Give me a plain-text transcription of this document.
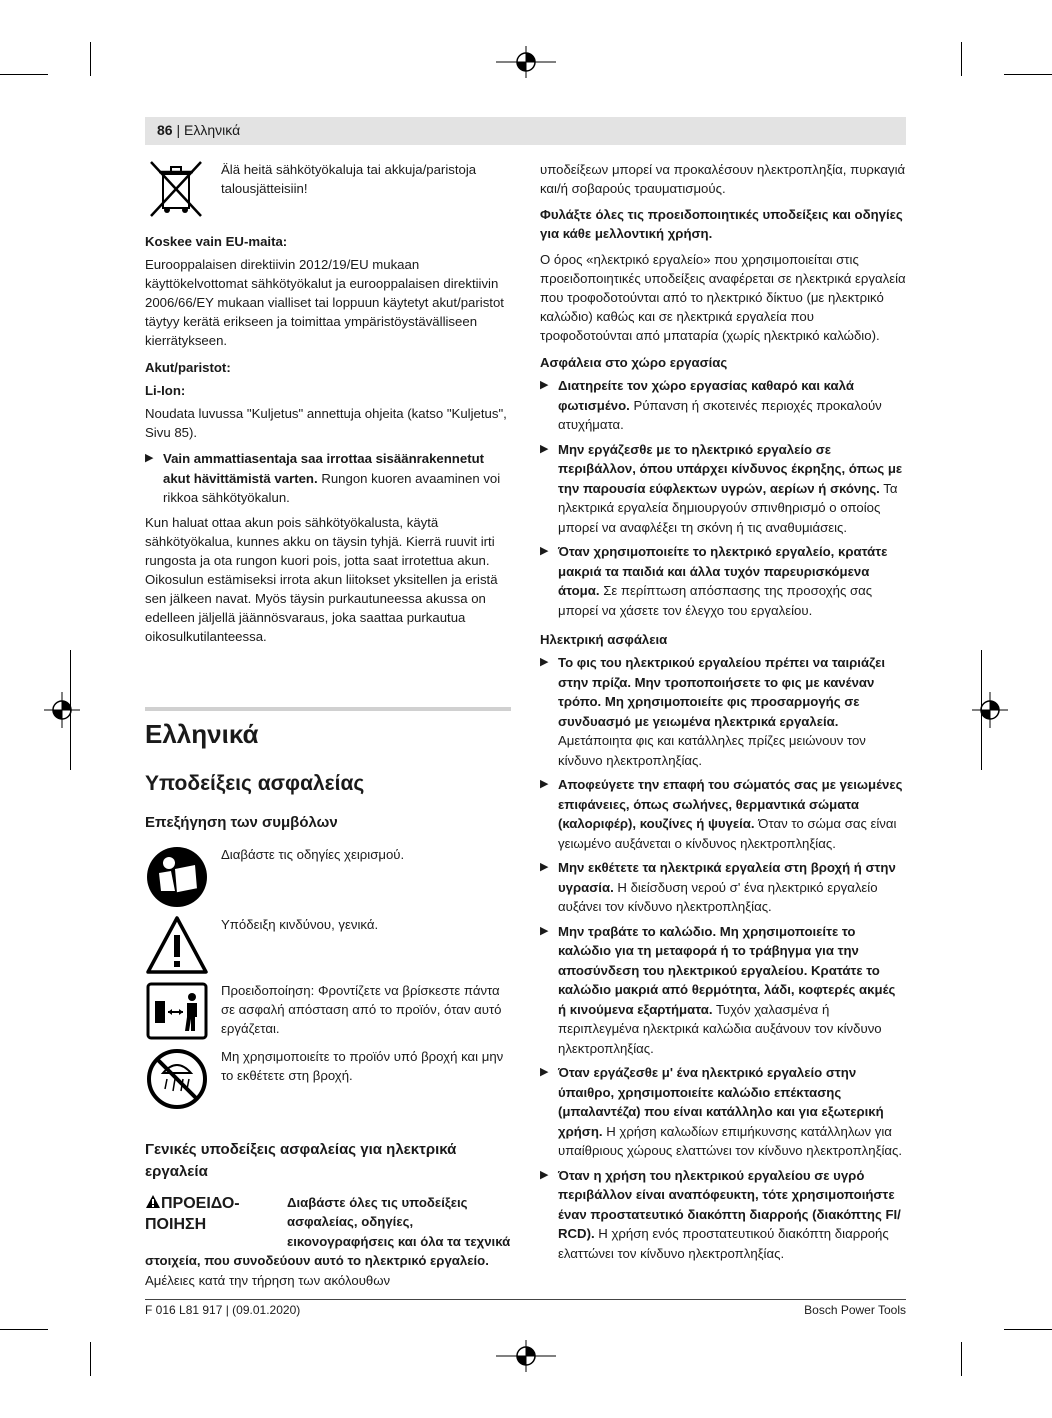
86 | Ελληνικά
Älä heitä sähkötyökaluja tai akkuja/paristoja talousjätteisiin!
Koskee vain EU-maita:

Eurooppalaisen direktiivin 2012/19/EU mukaan käyttökelvottomat sähkötyökalut ja eurooppalaisen direktiivin 2006/66/EY mukaan vialliset tai loppuun käytetyt akut/paristot täytyy kerätä erikseen ja toimittaa ympäristöystävälliseen kierrätykseen.

Akut/paristot:
Li-Ion:

Noudata luvussa "Kuljetus" annettuja ohjeita (katso "Kuljetus", Sivu 85).

▶ Vain ammattiasentaja saa irrottaa sisäänrakennetut akut hävittämistä varten. Rungon kuoren avaaminen voi rikkoa sähkötyökalun.

Kun haluat ottaa akun pois sähkötyökalusta, käytä sähkötyökalua, kunnes akku on täysin tyhjä. Kierrä ruuvit irti rungosta ja ota rungon kuori pois, jotta saat irrotettua akun. Oikosulun estämiseksi irrota akun liitokset yksitellen ja eristä sen jälkeen navat. Myös täysin purkautuneessa akussa on edelleen jäljellä jäännösvaraus, joka saattaa purkautua oikosulkutilanteessa.

Ελληνικά
Υποδείξεις ασφαλείας
Επεξήγηση των συμβόλων
Διαβάστε τις οδηγίες χειρισμού.
Υπόδειξη κινδύνου, γενικά.
Προειδοποίηση: Φροντίζετε να βρίσκεστε πάντα σε ασφαλή απόσταση από το προϊόν, όταν αυτό εργάζεται.
Μη χρησιμοποιείτε το προϊόν υπό βροχή και μην το εκθέτετε στη βροχή.
Γενικές υποδείξεις ασφαλείας για ηλεκτρικά εργαλεία
ΠΡΟΕΙΔΟ-ΠΟΙΗΣΗ
Διαβάστε όλες τις υποδείξεις ασφαλείας, οδηγίες, εικονογραφήσεις και όλα τα τεχνικά στοιχεία, που συνοδεύουν αυτό το ηλεκτρικό εργαλείο. Αμέλειες κατά την τήρηση των ακόλουθων

υποδείξεων μπορεί να προκαλέσουν ηλεκτροπληξία, πυρκαγιά και/ή σοβαρούς τραυματισμούς.

Φυλάξτε όλες τις προειδοποιητικές υποδείξεις και οδηγίες για κάθε μελλοντική χρήση.

Ο όρος «ηλεκτρικό εργαλείο» που χρησιμοποιείται στις προειδοποιητικές υποδείξεις αναφέρεται σε ηλεκτρικά εργαλεία που τροφοδοτούνται από το ηλεκτρικό δίκτυο (με ηλεκτρικό καλώδιο) καθώς και σε ηλεκτρικά εργαλεία που τροφοδοτούνται από μπαταρία (χωρίς ηλεκτρικό καλώδιο).

Ασφάλεια στο χώρο εργασίας
▶ Διατηρείτε τον χώρο εργασίας καθαρό και καλά φωτισμένο. Ρύπανση ή σκοτεινές περιοχές προκαλούν ατυχήματα.
▶ Μην εργάζεσθε με το ηλεκτρικό εργαλείο σε περιβάλλον, όπου υπάρχει κίνδυνος έκρηξης, όπως με την παρουσία εύφλεκτων υγρών, αερίων ή σκόνης. Τα ηλεκτρικά εργαλεία δημιουργούν σπινθηρισμό ο οποίος μπορεί να αναφλέξει τη σκόνη ή τις αναθυμιάσεις.
▶ Όταν χρησιμοποιείτε το ηλεκτρικό εργαλείο, κρατάτε μακριά τα παιδιά και άλλα τυχόν παρευρισκόμενα άτομα. Σε περίπτωση απόσπασης της προσοχής σας μπορεί να χάσετε τον έλεγχο του εργαλείου.
Ηλεκτρική ασφάλεια
▶ Το φις του ηλεκτρικού εργαλείου πρέπει να ταιριάζει στην πρίζα. Μην τροποποιήσετε το φις με κανέναν τρόπο. Μη χρησιμοποιείτε φις προσαρμογής σε συνδυασμό με γειωμένα ηλεκτρικά εργαλεία. Αμετάποιητα φις και κατάλληλες πρίζες μειώνουν τον κίνδυνο ηλεκτροπληξίας.
▶ Αποφεύγετε την επαφή του σώματός σας με γειωμένες επιφάνειες, όπως σωλήνες, θερμαντικά σώματα (καλοριφέρ), κουζίνες ή ψυγεία. Όταν το σώμα σας είναι γειωμένο αυξάνεται ο κίνδυνος ηλεκτροπληξίας.
▶ Μην εκθέτετε τα ηλεκτρικά εργαλεία στη βροχή ή στην υγρασία. Η διείσδυση νερού σ' ένα ηλεκτρικό εργαλείο αυξάνει τον κίνδυνο ηλεκτροπληξίας.
▶ Μην τραβάτε το καλώδιο. Μη χρησιμοποιείτε το καλώδιο για τη μεταφορά ή το τράβηγμα για την αποσύνδεση του ηλεκτρικού εργαλείου. Κρατάτε το καλώδιο μακριά από θερμότητα, λάδι, κοφτερές ακμές ή κινούμενα εξαρτήματα. Τυχόν χαλασμένα ή περιπλεγμένα ηλεκτρικά καλώδια αυξάνουν τον κίνδυνο ηλεκτροπληξίας.
▶ Όταν εργάζεσθε μ' ένα ηλεκτρικό εργαλείο στην ύπαιθρο, χρησιμοποιείτε καλώδιο επέκτασης (μπαλαντέζα) που είναι κατάλληλο και για εξωτερική χρήση. Η χρήση καλωδίων επιμήκυνσης κατάλληλων για υπαίθριους χώρους ελαττώνει τον κίνδυνο ηλεκτροπληξίας.
▶ Όταν η χρήση του ηλεκτρικού εργαλείου σε υγρό περιβάλλον είναι αναπόφευκτη, τότε χρησιμοποιήστε έναν προστατευτικό διακόπτη διαρροής (διακόπτης FI/ RCD). Η χρήση ενός προστατευτικού διακόπτη διαρροής ελαττώνει τον κίνδυνο ηλεκτροπληξίας.
F 016 L81 917 | (09.01.2020)	Bosch Power Tools
